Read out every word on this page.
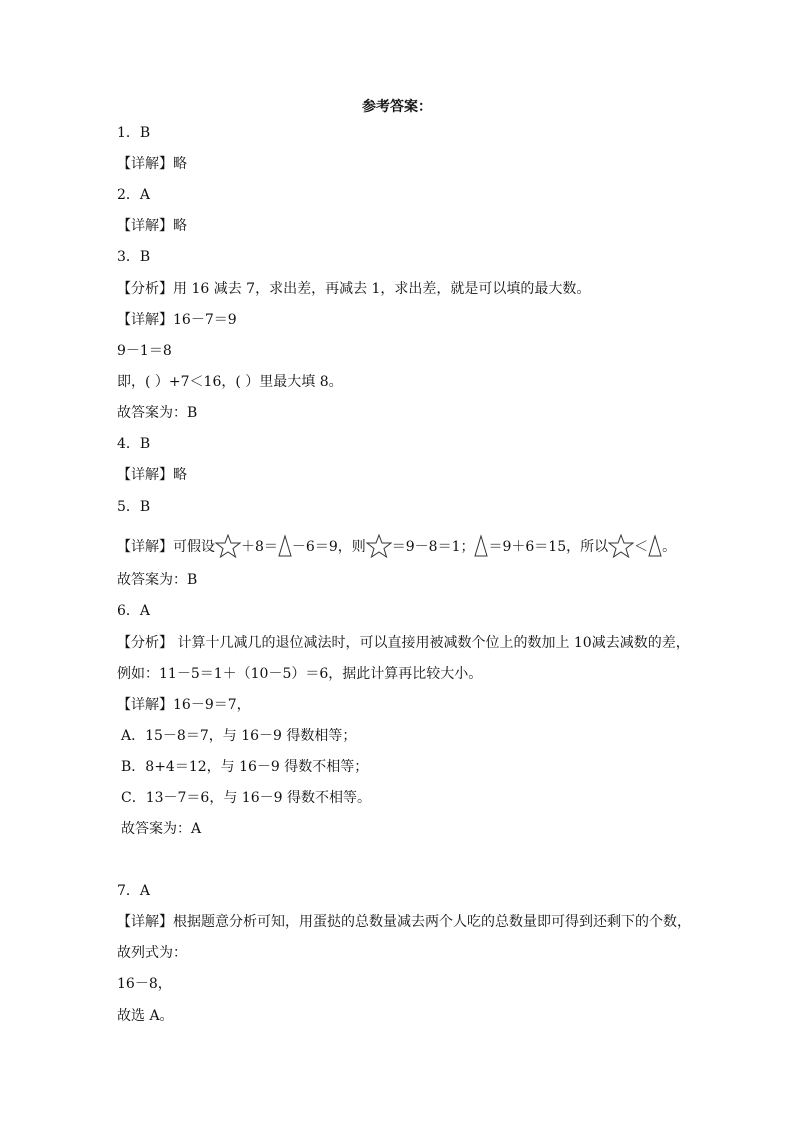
参考答案：
1．B
【详解】略
2．A
【详解】略
3．B
【分析】用 16 减去 7，求出差，再减去 1，求出差，就是可以填的最大数。
【详解】16－7＝9
9－1＝8
即，( ）+7＜16，( ）里最大填 8。
故答案为：B
4．B
【详解】略
5．B
【详解】可假设 ＋8＝ －6＝9，则 ＝9－8＝1； ＝9＋6＝15，所以 ＜ 。
故答案为：B
6．A
【分析】 计算十几减几的退位减法时，可以直接用被减数个位上的数加上 10减去减数的差，
例如：11－5＝1＋（10－5）＝6，据此计算再比较大小。
【详解】16－9＝7，
A．15－8＝7，与 16－9 得数相等；
B．8+4＝12，与 16－9 得数不相等；
C．13－7＝6，与 16－9 得数不相等。
故答案为：A
7．A
【详解】根据题意分析可知，用蛋挞的总数量减去两个人吃的总数量即可得到还剩下的个数，
故列式为：
16－8，
故选 A。
